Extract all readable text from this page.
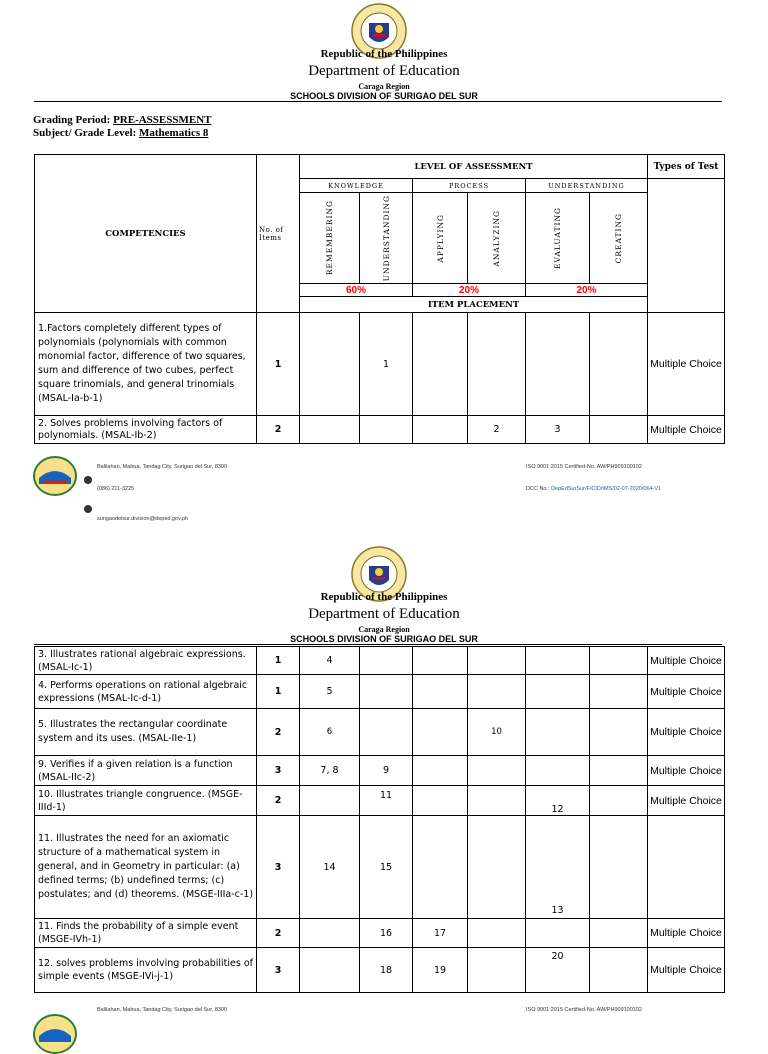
Republic of the Philippines
Department of Education
Caraga Region
SCHOOLS DIVISION OF SURIGAO DEL SUR
Grading Period: PRE-ASSESSMENT
Subject/ Grade Level: Mathematics 8
COMPETENCIES	No. of Items	LEVEL OF ASSESSMENT						Types of Test
		KNOWLEDGE		PROCESS		UNDERSTANDING		

		REMEMBERING	UNDERSTANDING	APPLYING	ANALYZING	EVALUATING	CREATING	

		60%		20%		20%		
		ITEM PLACEMENT						
1.Factors completely different types of polynomials (polynomials with common monomial factor, difference of two squares, sum and difference of two cubes, perfect square trinomials, and general trinomials (MSAL-Ia-b-1)	1		1					Multiple Choice
2. Solves problems involving factors of polynomials. (MSAL-Ib-2)	2				2	3		Multiple Choice
Balilahan, Mabua, Tandag City, Surigao del Sur, 8300
(086) 211-3225
surigaodelsur.division@deped.gov.ph
ISO 9001:2015 Certified-No. AW/PH909100102
DCC No.: DepEdSurSur/F/CID/IMS/02-07-2020/064-V1
Republic of the Philippines
Department of Education
Caraga Region
SCHOOLS DIVISION OF SURIGAO DEL SUR
3. Illustrates rational algebraic expressions. (MSAL-Ic-1)	1	4						Multiple Choice
4. Performs operations on rational algebraic expressions (MSAL-Ic-d-1)	1	5						Multiple Choice
5. Illustrates the rectangular coordinate system and its uses. (MSAL-IIe-1)	2	6			10			Multiple Choice
9. Verifies if a given relation is a function (MSAL-IIc-2)	3	7, 8	9					Multiple Choice
10. Illustrates triangle congruence. (MSGE-IIId-1)	2		11			12		Multiple Choice
11. Illustrates the need for an axiomatic structure of a mathematical system in general, and in Geometry in particular: (a) defined terms; (b) undefined terms; (c) postulates; and (d) theorems. (MSGE-IIIa-c-1)	3	14	15			13		
11. Finds the probability of a simple event (MSGE-IVh-1)	2		16	17				Multiple Choice
12. solves problems involving probabilities of simple events (MSGE-IVi-j-1)	3		18	19		20		Multiple Choice
Balilahan, Mabua, Tandag City, Surigao del Sur, 8300	ISO 9001:2015 Certified-No. AW/PH909100102
